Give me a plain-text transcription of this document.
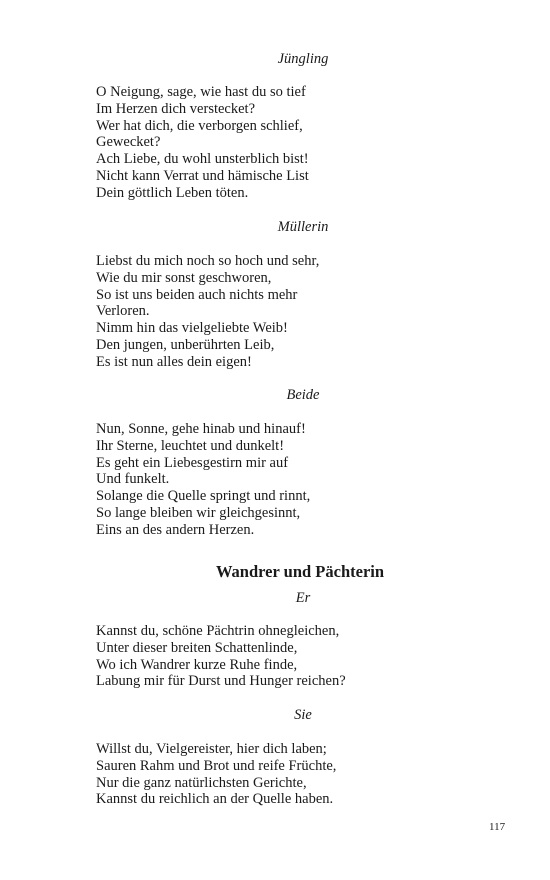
Jüngling
O Neigung, sage, wie hast du so tief
Im Herzen dich verstecket?
Wer hat dich, die verborgen schlief,
Gewecket?
Ach Liebe, du wohl unsterblich bist!
Nicht kann Verrat und hämische List
Dein göttlich Leben töten.
Müllerin
Liebst du mich noch so hoch und sehr,
Wie du mir sonst geschworen,
So ist uns beiden auch nichts mehr
Verloren.
Nimm hin das vielgeliebte Weib!
Den jungen, unberührten Leib,
Es ist nun alles dein eigen!
Beide
Nun, Sonne, gehe hinab und hinauf!
Ihr Sterne, leuchtet und dunkelt!
Es geht ein Liebesgestirn mir auf
Und funkelt.
Solange die Quelle springt und rinnt,
So lange bleiben wir gleichgesinnt,
Eins an des andern Herzen.
Wandrer und Pächterin
Er
Kannst du, schöne Pächtrin ohnegleichen,
Unter dieser breiten Schattenlinde,
Wo ich Wandrer kurze Ruhe finde,
Labung mir für Durst und Hunger reichen?
Sie
Willst du, Vielgereister, hier dich laben;
Sauren Rahm und Brot und reife Früchte,
Nur die ganz natürlichsten Gerichte,
Kannst du reichlich an der Quelle haben.
117
